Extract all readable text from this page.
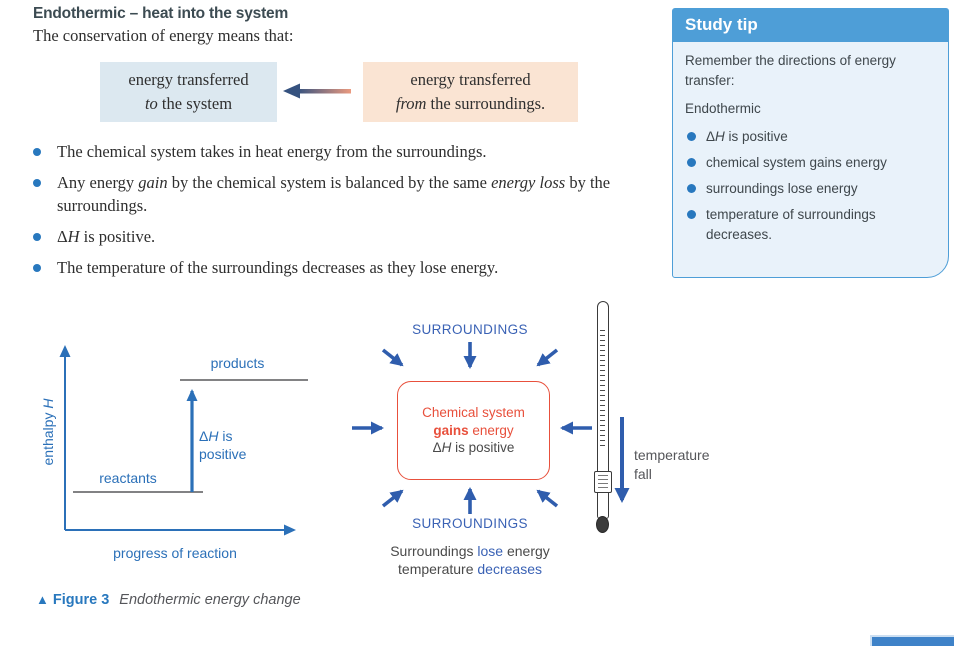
Endothermic – heat into the system

The conservation of energy means that:

energy transferred
to the system
energy transferred
from the surroundings.
The chemical system takes in heat energy from the surroundings.
Any energy gain by the chemical system is balanced by the same energy loss by the surroundings.
ΔH is positive.
The temperature of the surroundings decreases as they lose energy.
Study tip

Remember the directions of energy transfer:

Endothermic

ΔH is positive
chemical system gains energy
surroundings lose energy
temperature of surroundings decreases.
products
reactants
ΔH is
positive
enthalpy H
progress of reaction
SURROUNDINGS
Chemical system
gains energy
ΔH is positive
SURROUNDINGS
Surroundings lose energy
temperature decreases
temperature
fall
▲ Figure 3 Endothermic energy change
